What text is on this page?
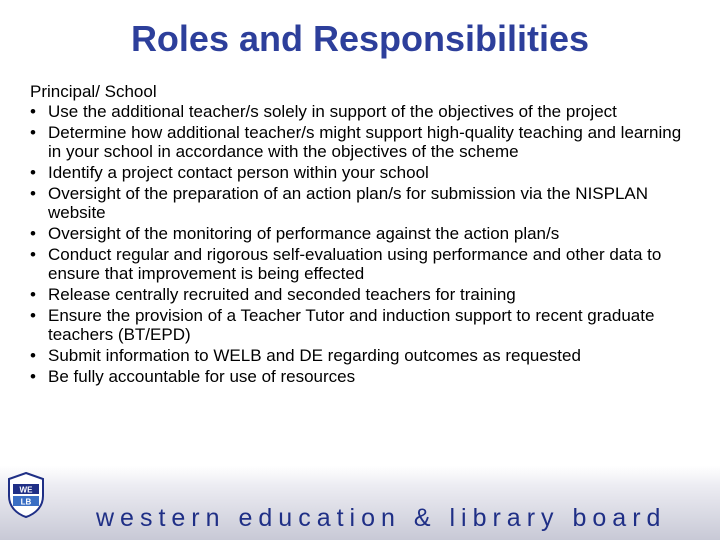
Roles and Responsibilities
Principal/ School
• Use the additional teacher/s solely in support of the objectives of the project
• Determine how additional teacher/s might support high-quality teaching and learning in your school in accordance with the objectives of the scheme
• Identify a project contact person within your school
• Oversight of the preparation of an action plan/s for submission via the NISPLAN website
• Oversight of the monitoring of performance against the action plan/s
• Conduct regular and rigorous self-evaluation using performance and other data to ensure that improvement is being effected
• Release centrally recruited and seconded teachers for training
• Ensure the provision of a Teacher Tutor and induction support to recent graduate teachers (BT/EPD)
• Submit information to WELB and DE regarding outcomes as requested
• Be fully accountable for use of resources
WE
LB
western education & library board
